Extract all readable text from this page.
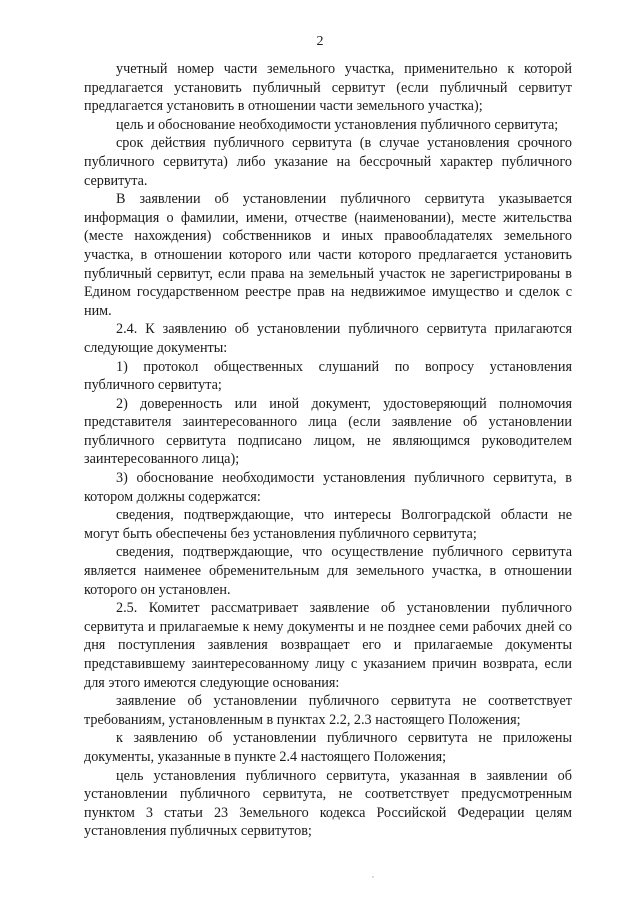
2

учетный номер части земельного участка, применительно к которой предлагается установить публичный сервитут (если публичный сервитут предлагается установить в отношении части земельного участка);

цель и обоснование необходимости установления публичного сервитута;

срок действия публичного сервитута (в случае установления срочного публичного сервитута) либо указание на бессрочный характер публичного сервитута.

В заявлении об установлении публичного сервитута указывается информация о фамилии, имени, отчестве (наименовании), месте жительства (месте нахождения) собственников и иных правообладателях земельного участка, в отношении которого или части которого предлагается установить публичный сервитут, если права на земельный участок не зарегистрированы в Едином государственном реестре прав на недвижимое имущество и сделок с ним.

2.4. К заявлению об установлении публичного сервитута прилагаются следующие документы:

1) протокол общественных слушаний по вопросу установления публичного сервитута;

2) доверенность или иной документ, удостоверяющий полномочия представителя заинтересованного лица (если заявление об установлении публичного сервитута подписано лицом, не являющимся руководителем заинтересованного лица);

3) обоснование необходимости установления публичного сервитута, в котором должны содержатся:

сведения, подтверждающие, что интересы Волгоградской области не могут быть обеспечены без установления публичного сервитута;

сведения, подтверждающие, что осуществление публичного сервитута является наименее обременительным для земельного участка, в отношении которого он установлен.

2.5. Комитет рассматривает заявление об установлении публичного сервитута и прилагаемые к нему документы и не позднее семи рабочих дней со дня поступления заявления возвращает его и прилагаемые документы представившему заинтересованному лицу с указанием причин возврата, если для этого имеются следующие основания:

заявление об установлении публичного сервитута не соответствует требованиям, установленным в пунктах 2.2, 2.3 настоящего Положения;

к заявлению об установлении публичного сервитута не приложены документы, указанные в пункте 2.4 настоящего Положения;

цель установления публичного сервитута, указанная в заявлении об установлении публичного сервитута, не соответствует предусмотренным пунктом 3 статьи 23 Земельного кодекса Российской Федерации целям установления публичных сервитутов;
